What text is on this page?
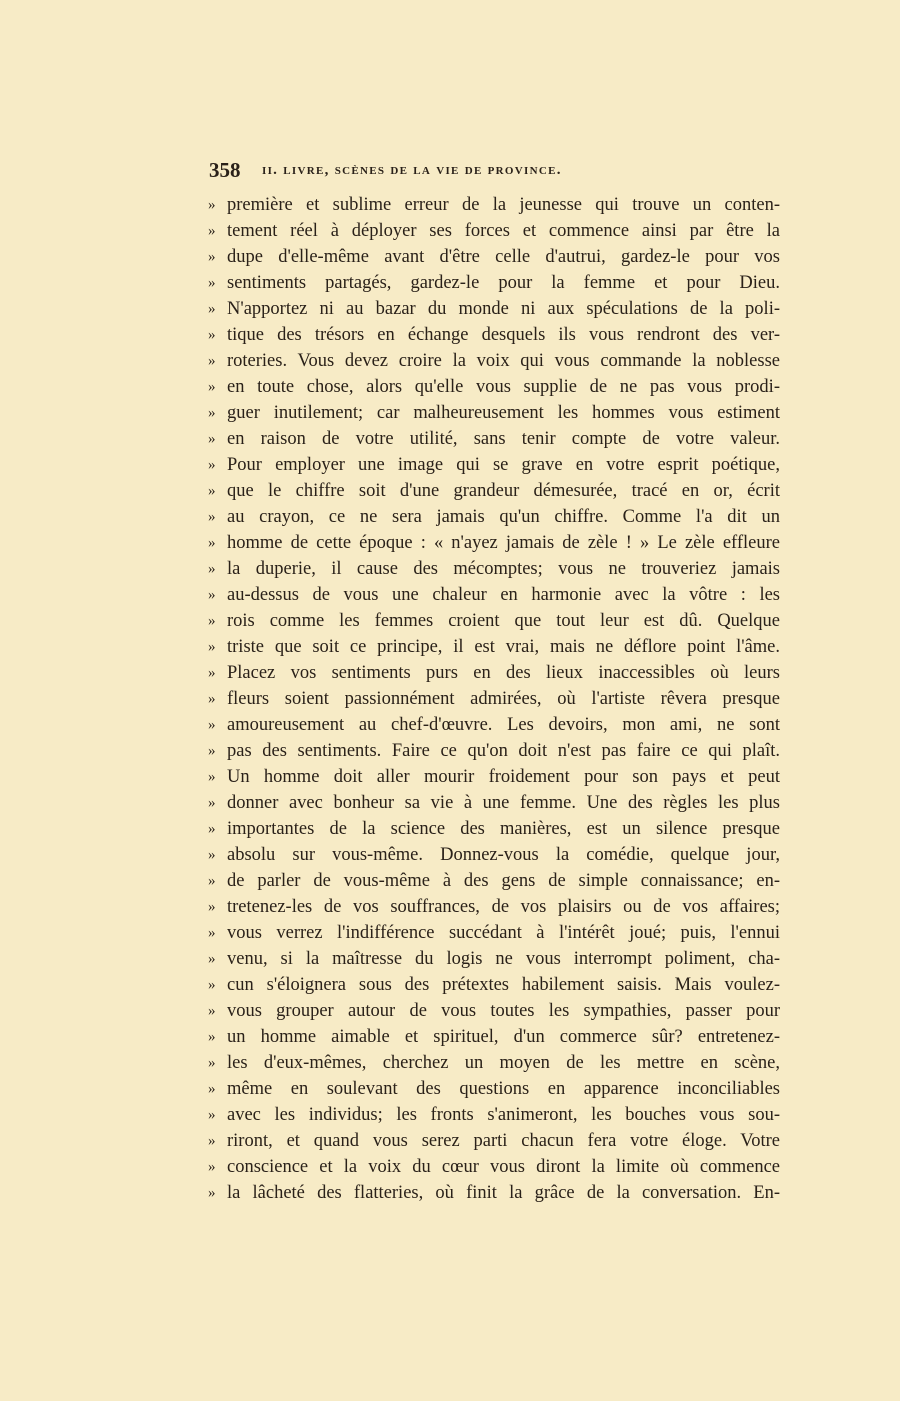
358 ii. livre, scènes de la vie de province.
» première et sublime erreur de la jeunesse qui trouve un conten-
» tement réel à déployer ses forces et commence ainsi par être la
» dupe d'elle-même avant d'être celle d'autrui, gardez-le pour vos
» sentiments partagés, gardez-le pour la femme et pour Dieu.
» N'apportez ni au bazar du monde ni aux spéculations de la poli-
» tique des trésors en échange desquels ils vous rendront des ver-
» roteries. Vous devez croire la voix qui vous commande la noblesse
» en toute chose, alors qu'elle vous supplie de ne pas vous prodi-
» guer inutilement; car malheureusement les hommes vous estiment
» en raison de votre utilité, sans tenir compte de votre valeur.
» Pour employer une image qui se grave en votre esprit poétique,
» que le chiffre soit d'une grandeur démesurée, tracé en or, écrit
» au crayon, ce ne sera jamais qu'un chiffre. Comme l'a dit un
» homme de cette époque : « n'ayez jamais de zèle ! » Le zèle effleure
» la duperie, il cause des mécomptes; vous ne trouveriez jamais
» au-dessus de vous une chaleur en harmonie avec la vôtre : les
» rois comme les femmes croient que tout leur est dû. Quelque
» triste que soit ce principe, il est vrai, mais ne déflore point l'âme.
» Placez vos sentiments purs en des lieux inaccessibles où leurs
» fleurs soient passionnément admirées, où l'artiste rêvera presque
» amoureusement au chef-d'œuvre. Les devoirs, mon ami, ne sont
» pas des sentiments. Faire ce qu'on doit n'est pas faire ce qui plaît.
» Un homme doit aller mourir froidement pour son pays et peut
» donner avec bonheur sa vie à une femme. Une des règles les plus
» importantes de la science des manières, est un silence presque
» absolu sur vous-même. Donnez-vous la comédie, quelque jour,
» de parler de vous-même à des gens de simple connaissance; en-
» tretenez-les de vos souffrances, de vos plaisirs ou de vos affaires;
» vous verrez l'indifférence succédant à l'intérêt joué; puis, l'ennui
» venu, si la maîtresse du logis ne vous interrompt poliment, cha-
» cun s'éloignera sous des prétextes habilement saisis. Mais voulez-
» vous grouper autour de vous toutes les sympathies, passer pour
» un homme aimable et spirituel, d'un commerce sûr? entretenez-
» les d'eux-mêmes, cherchez un moyen de les mettre en scène,
» même en soulevant des questions en apparence inconciliables
» avec les individus; les fronts s'animeront, les bouches vous sou-
» riront, et quand vous serez parti chacun fera votre éloge. Votre
» conscience et la voix du cœur vous diront la limite où commence
» la lâcheté des flatteries, où finit la grâce de la conversation. En-
